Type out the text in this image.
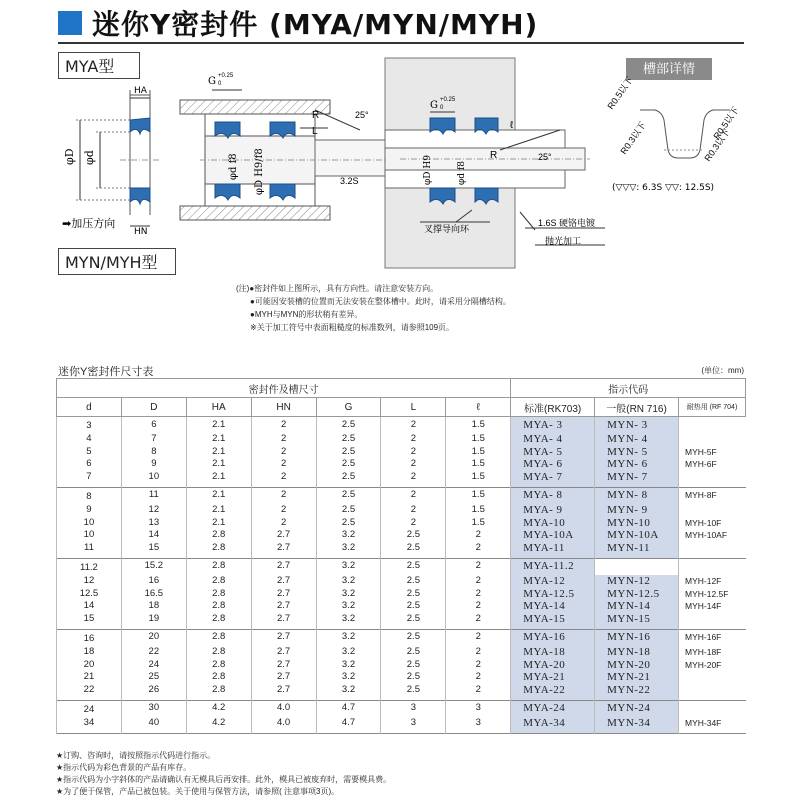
迷你Y密封件 (MYA/MYN/MYH)
MYA型
MYN/MYH型
槽部详情
φD φd
HA
HN
➡加压方向
G +0.25
0
R
L
25°
φd f8 φD H9/f8	3.2S
G +0.25
0
ℓ
R	25°
φD H9	φd f8
叉撑导向环
1.6S 硬铬电镀
抛光加工
R0.5以下
R0.5以下
R0.3以下	R0.3以下
(▽▽▽: 6.3S ▽▽: 12.5S)
(注)●密封件如上图所示，具有方向性。请注意安装方向。
●可能因安装槽的位置而无法安装在整体槽中。此时，请采用分隔槽结构。
●MYH与MYN的形状稍有差异。
※关于加工符号中表面粗糙度的标准数列，请参照109页。
迷你Y密封件尺寸表	(单位：mm)
密封件及槽尺寸							指示代码		
d	D	HA	HN	G	L	ℓ	标准(RK703)	一般(RN 716)	耐热用 (RF 704)
3	6	2.1	2	2.5	2	1.5	MYA- 3	MYN- 3	
4	7	2.1	2	2.5	2	1.5	MYA- 4	MYN- 4	
5	8	2.1	2	2.5	2	1.5	MYA- 5	MYN- 5	MYH-5F
6	9	2.1	2	2.5	2	1.5	MYA- 6	MYN- 6	MYH-6F
7	10	2.1	2	2.5	2	1.5	MYA- 7	MYN- 7	
8	11	2.1	2	2.5	2	1.5	MYA- 8	MYN- 8	MYH-8F
9	12	2.1	2	2.5	2	1.5	MYA- 9	MYN- 9	
10	13	2.1	2	2.5	2	1.5	MYA-10	MYN-10	MYH-10F
10	14	2.8	2.7	3.2	2.5	2	MYA-10A	MYN-10A	MYH-10AF
11	15	2.8	2.7	3.2	2.5	2	MYA-11	MYN-11	
11.2	15.2	2.8	2.7	3.2	2.5	2	MYA-11.2		
12	16	2.8	2.7	3.2	2.5	2	MYA-12	MYN-12	MYH-12F
12.5	16.5	2.8	2.7	3.2	2.5	2	MYA-12.5	MYN-12.5	MYH-12.5F
14	18	2.8	2.7	3.2	2.5	2	MYA-14	MYN-14	MYH-14F
15	19	2.8	2.7	3.2	2.5	2	MYA-15	MYN-15	
16	20	2.8	2.7	3.2	2.5	2	MYA-16	MYN-16	MYH-16F
18	22	2.8	2.7	3.2	2.5	2	MYA-18	MYN-18	MYH-18F
20	24	2.8	2.7	3.2	2.5	2	MYA-20	MYN-20	MYH-20F
21	25	2.8	2.7	3.2	2.5	2	MYA-21	MYN-21	
22	26	2.8	2.7	3.2	2.5	2	MYA-22	MYN-22	
24	30	4.2	4.0	4.7	3	3	MYA-24	MYN-24	
34	40	4.2	4.0	4.7	3	3	MYA-34	MYN-34	MYH-34F
★订购、咨询时，请按照指示代码进行指示。
★指示代码为彩色背景的产品有库存。
★指示代码为小字斜体的产品请确认有无模具后再安排。此外，模具已被废弃时，需要模具费。
★为了便于保管，产品已被包装。关于使用与保管方法，请参照( 注意事项3页)。
